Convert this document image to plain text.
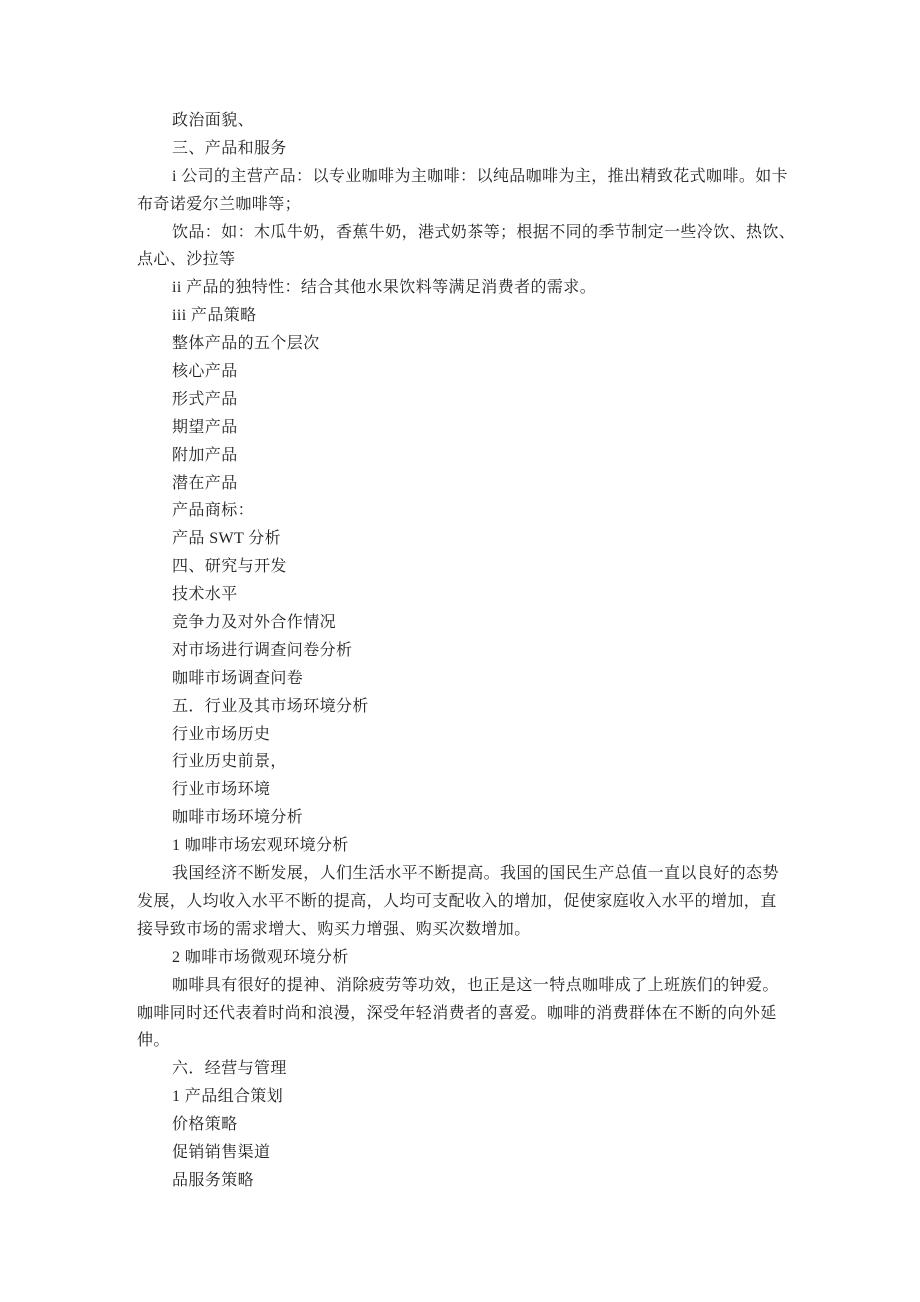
政治面貌、
三、产品和服务
i 公司的主营产品：以专业咖啡为主咖啡：以纯品咖啡为主，推出精致花式咖啡。如卡
布奇诺爱尔兰咖啡等；
饮品：如：木瓜牛奶，香蕉牛奶，港式奶茶等；根据不同的季节制定一些冷饮、热饮、
点心、沙拉等
ii 产品的独特性：结合其他水果饮料等满足消费者的需求。
iii 产品策略
整体产品的五个层次
核心产品
形式产品
期望产品
附加产品
潜在产品
产品商标：
产品 SWT 分析
四、研究与开发
技术水平
竞争力及对外合作情况
对市场进行调查问卷分析
咖啡市场调查问卷
五．行业及其市场环境分析
行业市场历史
行业历史前景，
行业市场环境
咖啡市场环境分析
1 咖啡市场宏观环境分析
我国经济不断发展，人们生活水平不断提高。我国的国民生产总值一直以良好的态势
发展，人均收入水平不断的提高，人均可支配收入的增加，促使家庭收入水平的增加，直
接导致市场的需求增大、购买力增强、购买次数增加。
2 咖啡市场微观环境分析
咖啡具有很好的提神、消除疲劳等功效，也正是这一特点咖啡成了上班族们的钟爱。
咖啡同时还代表着时尚和浪漫，深受年轻消费者的喜爱。咖啡的消费群体在不断的向外延
伸。
六．经营与管理
1 产品组合策划
价格策略
促销销售渠道
品服务策略
